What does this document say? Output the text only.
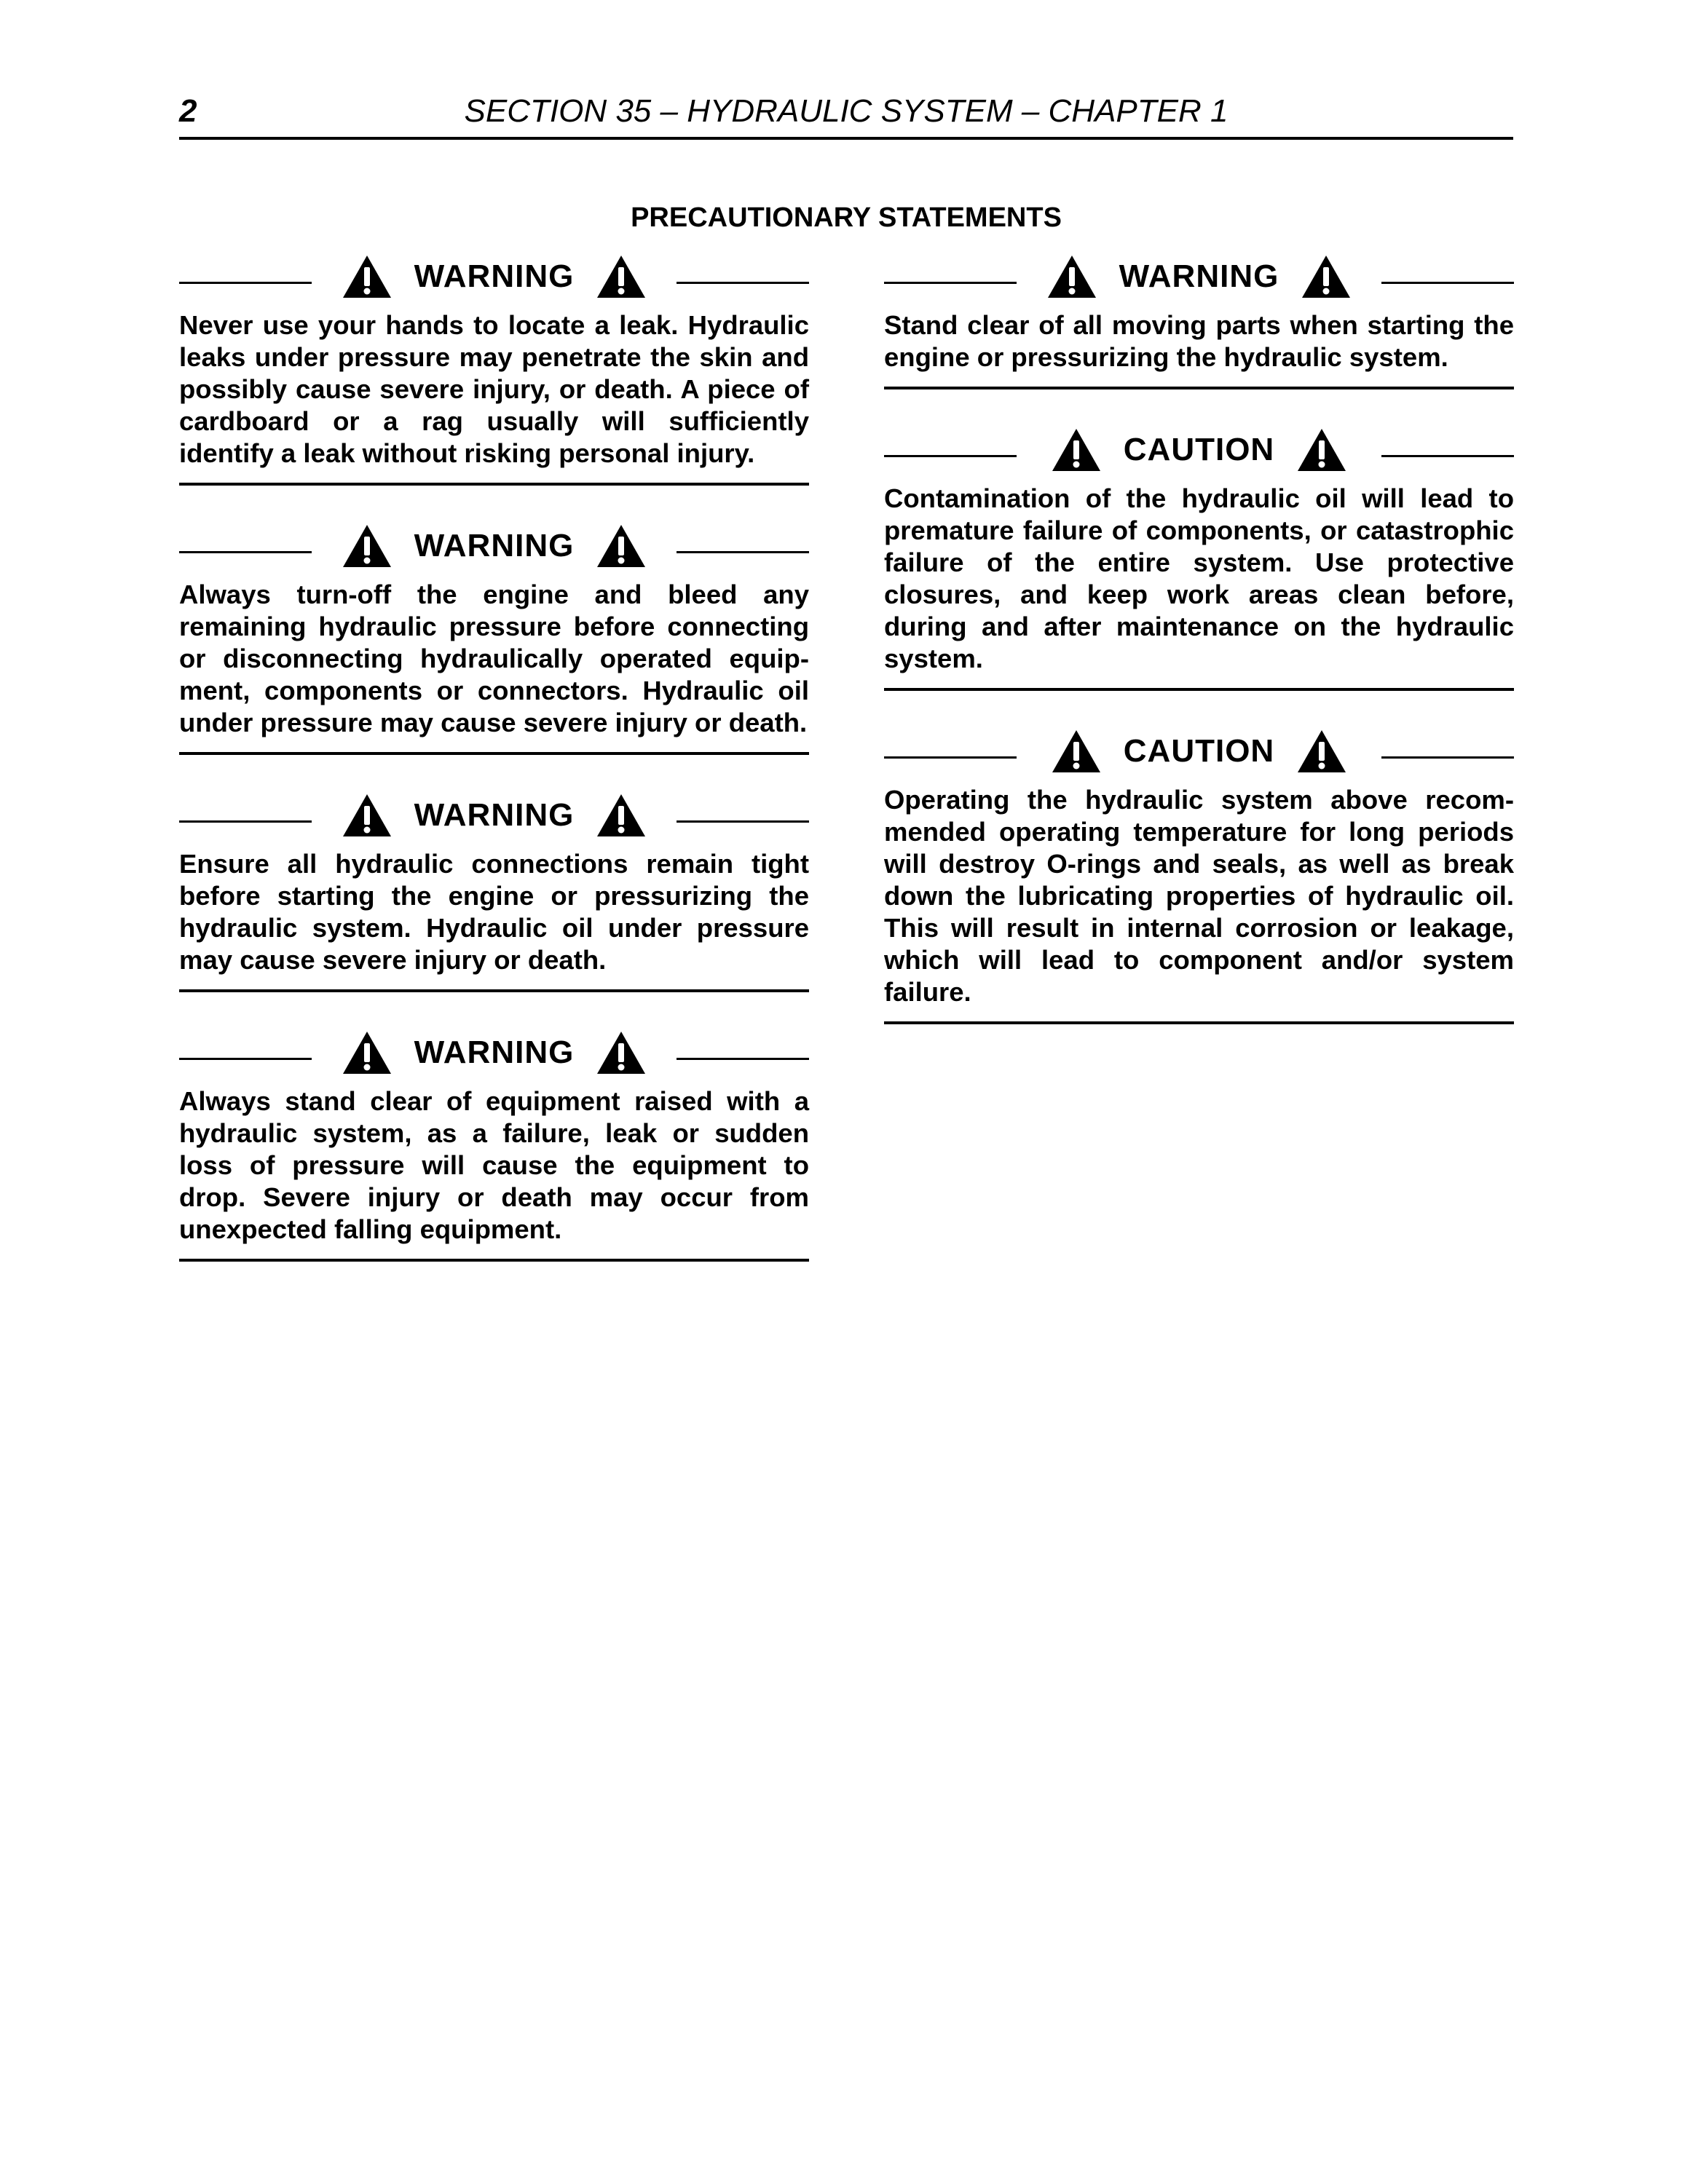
2	SECTION 35 – HYDRAULIC SYSTEM – CHAPTER 1
PRECAUTIONARY STATEMENTS
WARNING

Never use your hands to locate a leak. Hydraulic leaks under pressure may penetrate the skin and possibly cause severe injury, or death. A piece of cardboard or a rag usually will sufficiently identify a leak without risking personal injury.

WARNING

Always turn-off the engine and bleed any remaining hydraulic pressure before connecting or disconnecting hydraulically operated equipment, components or connectors. Hydraulic oil under pressure may cause severe injury or death.

WARNING

Ensure all hydraulic connections remain tight before starting the engine or pressurizing the hydraulic system. Hydraulic oil under pressure may cause severe injury or death.

WARNING

Always stand clear of equipment raised with a hydraulic system, as a failure, leak or sudden loss of pressure will cause the equipment to drop. Severe injury or death may occur from unexpected falling equipment.

WARNING

Stand clear of all moving parts when starting the engine or pressurizing the hydraulic system.

CAUTION

Contamination of the hydraulic oil will lead to premature failure of components, or catastrophic failure of the entire system. Use protective closures, and keep work areas clean before, during and after maintenance on the hydraulic system.

CAUTION

Operating the hydraulic system above recommended operating temperature for long periods will destroy O-rings and seals, as well as break down the lubricating properties of hydraulic oil. This will result in internal corrosion or leakage, which will lead to component and/or system failure.
